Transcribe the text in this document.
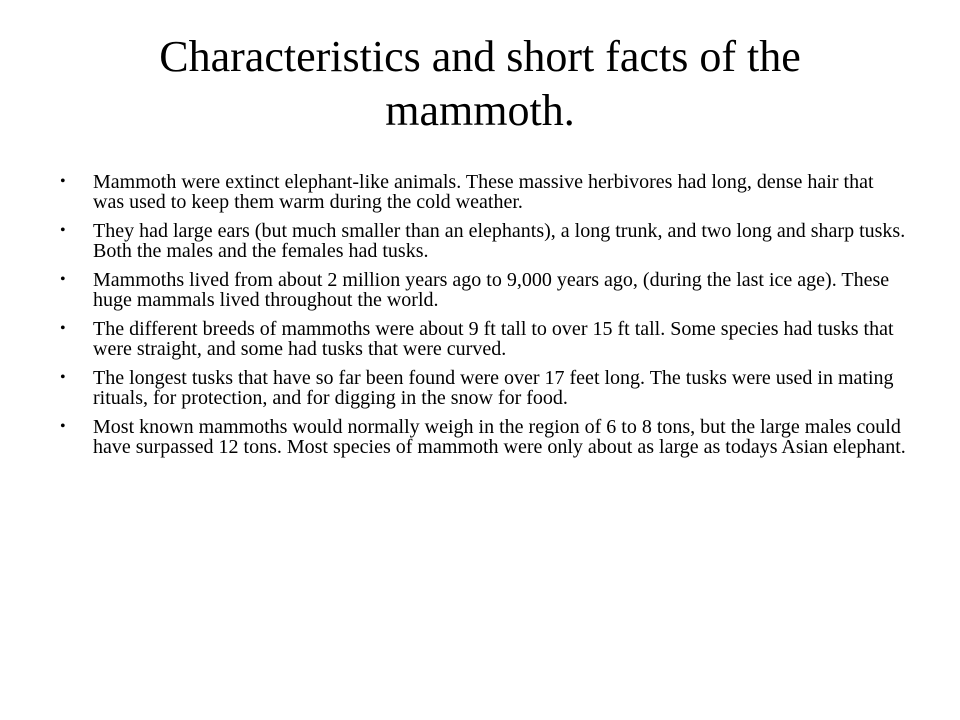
Characteristics and short facts of the mammoth.
• Mammoth were extinct elephant-like animals. These massive herbivores had long, dense hair that was used to keep them warm during the cold weather.
• They had large ears (but much smaller than an elephants), a long trunk, and two long and sharp tusks. Both the males and the females had tusks.
• Mammoths lived from about 2 million years ago to 9,000 years ago, (during the last ice age). These huge mammals lived throughout the world.
• The different breeds of mammoths were about 9 ft tall to over 15 ft tall. Some species had tusks that were straight, and some had tusks that were curved.
• The longest tusks that have so far been found were over 17 feet long. The tusks were used in mating rituals, for protection, and for digging in the snow for food.
• Most known mammoths would normally weigh in the region of 6 to 8 tons, but the large males could have surpassed 12 tons. Most species of mammoth were only about as large as todays Asian elephant.
